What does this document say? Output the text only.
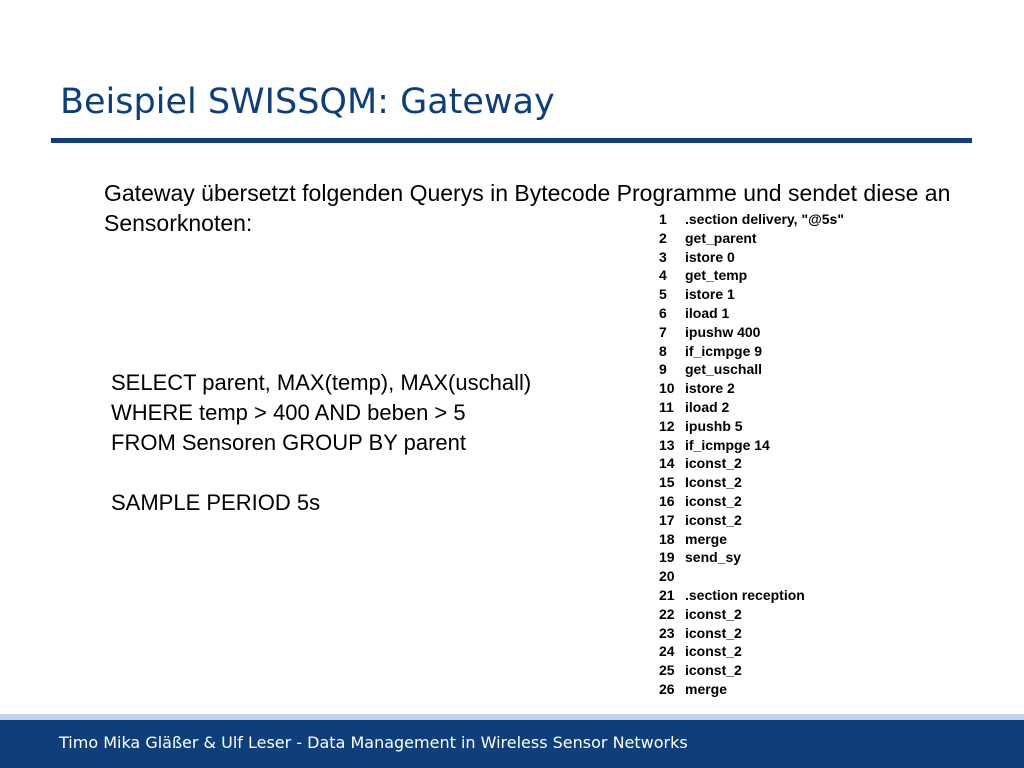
Beispiel SWISSQM: Gateway

Gateway übersetzt folgenden Querys in Bytecode Programme und sendet diese an Sensorknoten:

SELECT parent, MAX(temp), MAX(uschall)
WHERE temp > 400 AND beben > 5
FROM Sensoren GROUP BY parent
SAMPLE PERIOD 5s
1 .section delivery, "@5s"
2 get_parent
3 istore 0
4 get_temp
5 istore 1
6 iload 1
7 ipushw 400
8 if_icmpge 9
9 get_uschall
10 istore 2
11 iload 2
12 ipushb 5
13 if_icmpge 14
14 iconst_2
15 Iconst_2
16 iconst_2
17 iconst_2
18 merge
19 send_sy
20
21 .section reception
22 iconst_2
23 iconst_2
24 iconst_2
25 iconst_2
26 merge

Timo Mika Gläßer & Ulf Leser - Data Management in Wireless Sensor Networks
